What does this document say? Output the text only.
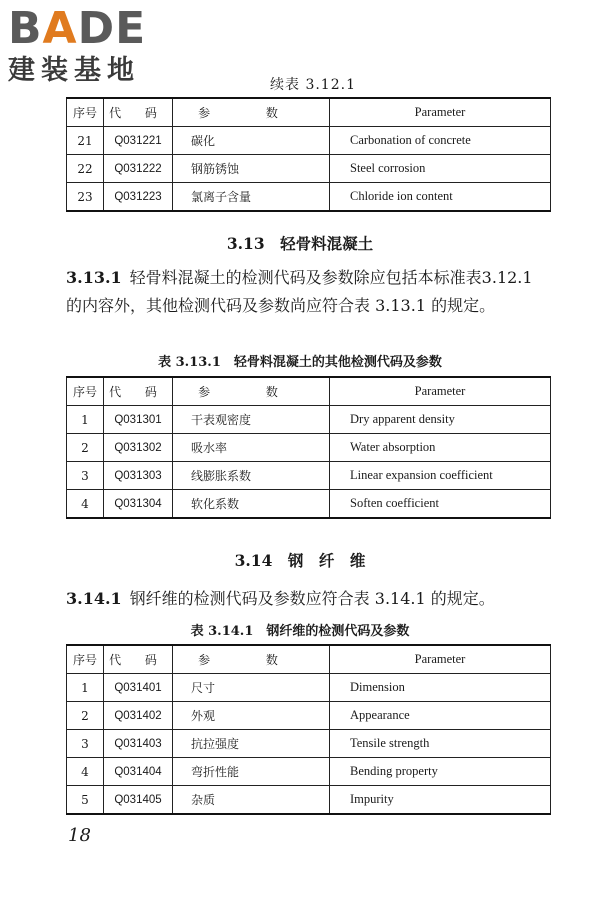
BADE
建装基地	续表 3.12.1
序号	代 码	参 数	Parameter
21	Q031221	碳化	Carbonation of concrete
22	Q031222	钢筋锈蚀	Steel corrosion
23	Q031223	氯离子含量	Chloride ion content
3.13　轻骨料混凝土
3.13.1 轻骨料混凝土的检测代码及参数除应包括本标准表3.12.1的内容外，其他检测代码及参数尚应符合表 3.13.1 的规定。
表 3.13.1　轻骨料混凝土的其他检测代码及参数
序号	代 码	参 数	Parameter
1	Q031301	干表观密度	Dry apparent density
2	Q031302	吸水率	Water absorption
3	Q031303	线膨胀系数	Linear expansion coefficient
4	Q031304	软化系数	Soften coefficient
3.14　钢　纤　维
3.14.1 钢纤维的检测代码及参数应符合表 3.14.1 的规定。
表 3.14.1　钢纤维的检测代码及参数
序号	代 码	参 数	Parameter
1	Q031401	尺寸	Dimension
2	Q031402	外观	Appearance
3	Q031403	抗拉强度	Tensile strength
4	Q031404	弯折性能	Bending property
5	Q031405	杂质	Impurity
18
